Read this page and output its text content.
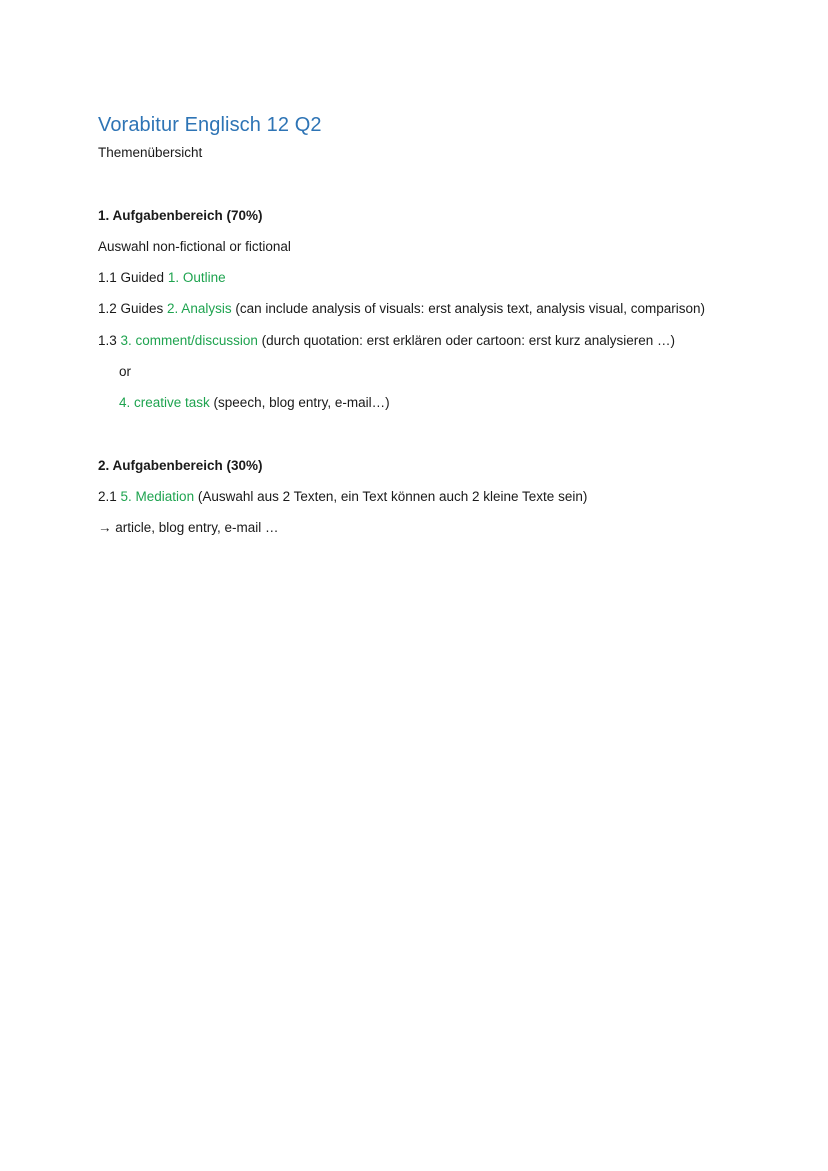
Vorabitur Englisch 12 Q2
Themenübersicht
1. Aufgabenbereich (70%)
Auswahl non-fictional or fictional
1.1 Guided 1. Outline
1.2 Guides 2. Analysis (can include analysis of visuals: erst analysis text, analysis visual, comparison)
1.3 3. comment/discussion (durch quotation: erst erklären oder cartoon: erst kurz analysieren …)
or
4. creative task (speech, blog entry, e-mail…)
2. Aufgabenbereich (30%)
2.1 5. Mediation (Auswahl aus 2 Texten, ein Text können auch 2 kleine Texte sein)
→ article, blog entry, e-mail …
